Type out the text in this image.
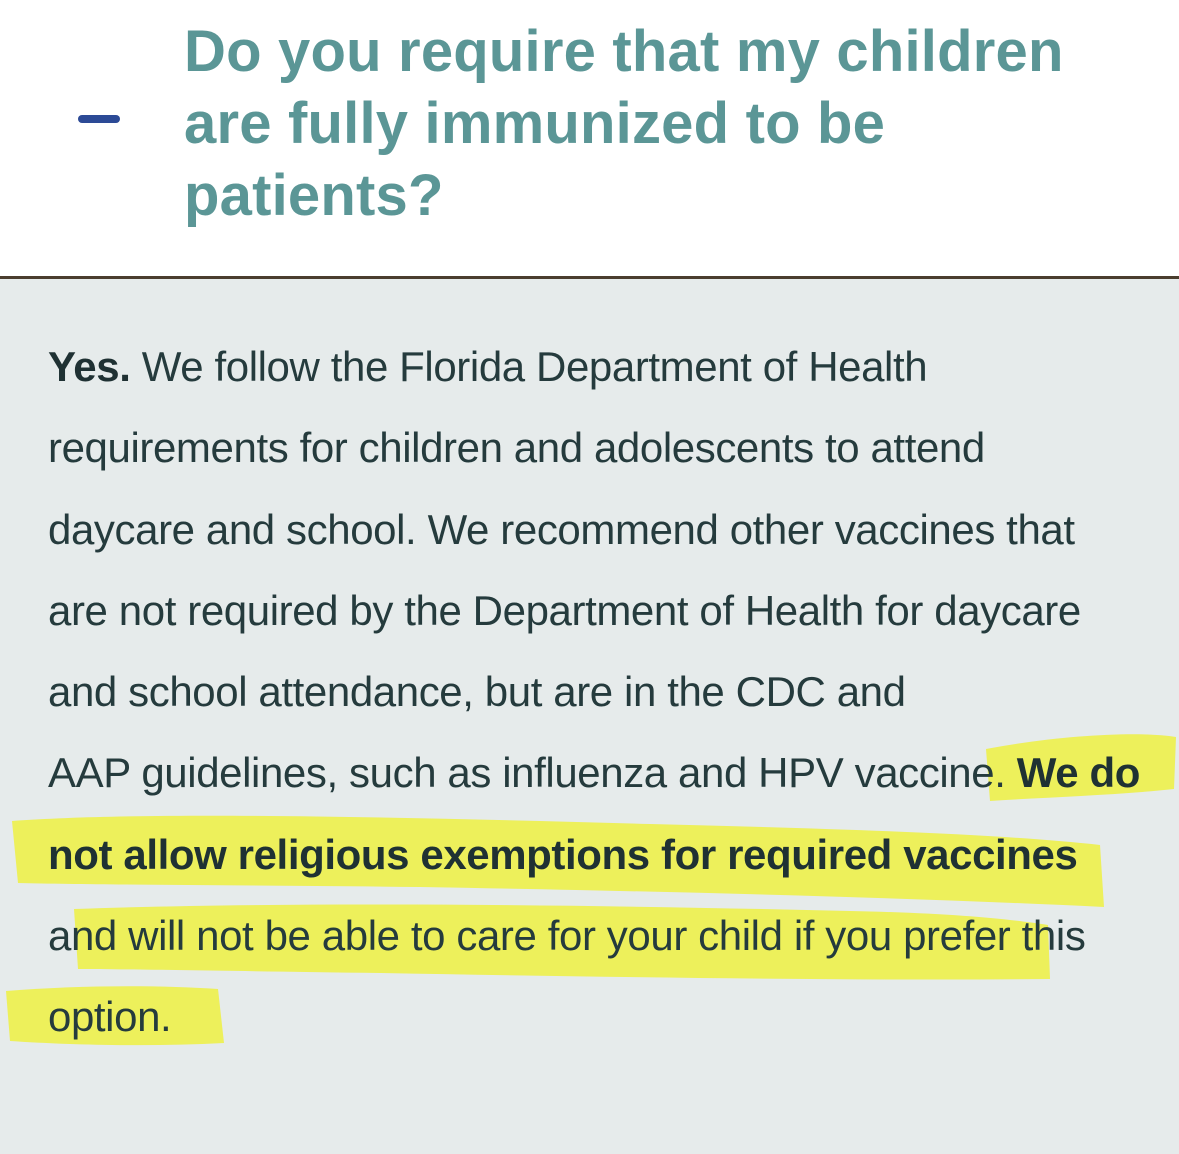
Do you require that my children are fully immunized to be patients?

Yes. We follow the Florida Department of Health
requirements for children and adolescents to attend
daycare and school. We recommend other vaccines that
are not required by the Department of Health for daycare
and school attendance, but are in the CDC and
AAP guidelines, such as influenza and HPV vaccine. We do
not allow religious exemptions for required vaccines
and will not be able to care for your child if you prefer this
option.
